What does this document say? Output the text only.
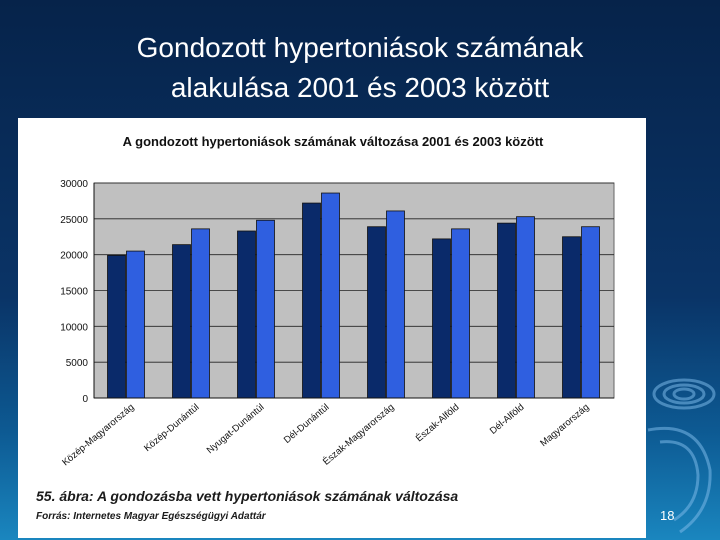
Gondozott hypertoniások számának
alakulása 2001 és 2003 között
A gondozott hypertoniások számának változása 2001 és 2003 között
30000
25000
20000
15000
10000
5000
0
Közép-Magyarország Közép-Dunántúl Nyugat-Dunántúl Dél-Dunántúl
Észak-Magyarország Észak-Alföld	Dél-Alföld Magyarország
55. ábra: A gondozásba vett hypertoniások számának változása
Forrás: Internetes Magyar Egészségügyi Adattár	18
